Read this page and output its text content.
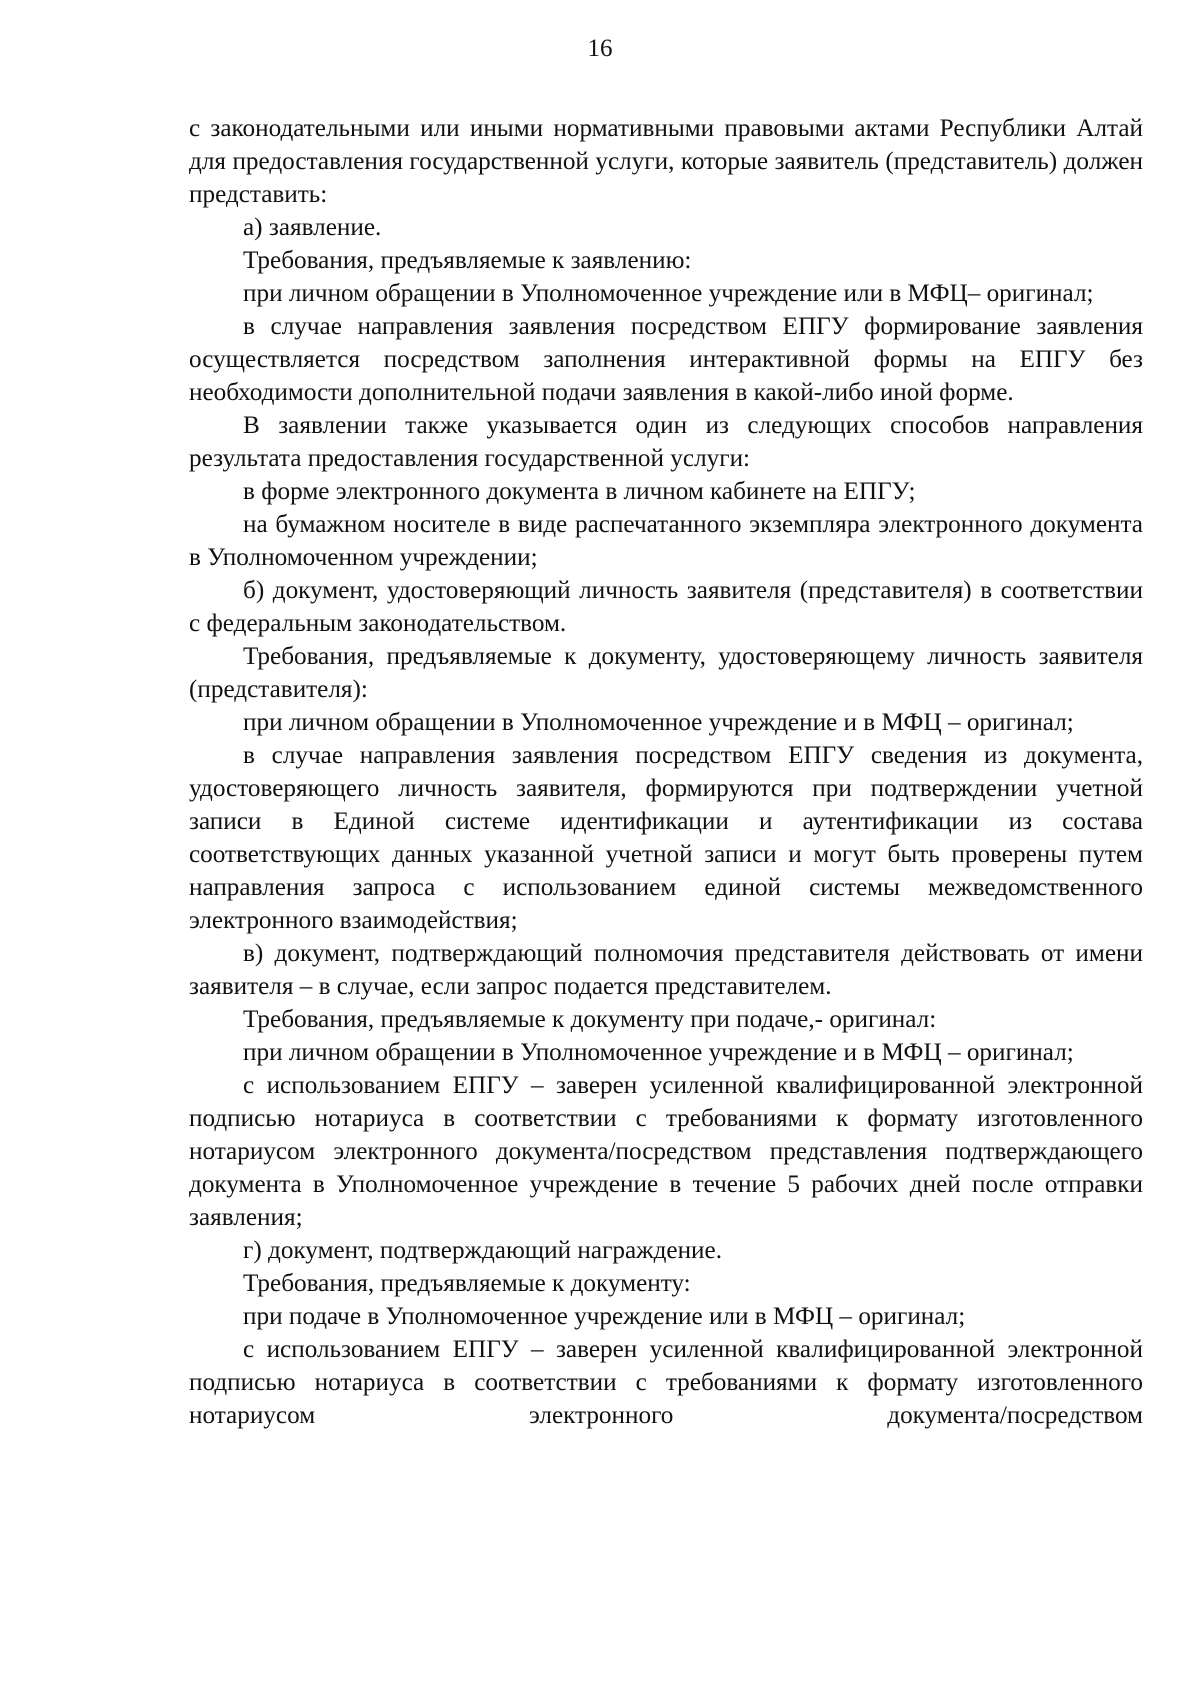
16

с законодательными или иными нормативными правовыми актами Республики Алтай для предоставления государственной услуги, которые заявитель (представитель) должен представить:

а) заявление.

Требования, предъявляемые к заявлению:

при личном обращении в Уполномоченное учреждение или в МФЦ– оригинал;

в случае направления заявления посредством ЕПГУ формирование заявления осуществляется посредством заполнения интерактивной формы на ЕПГУ без необходимости дополнительной подачи заявления в какой-либо иной форме.

В заявлении также указывается один из следующих способов направления результата предоставления государственной услуги:

в форме электронного документа в личном кабинете на ЕПГУ;

на бумажном носителе в виде распечатанного экземпляра электронного документа в Уполномоченном учреждении;

б) документ, удостоверяющий личность заявителя (представителя) в соответствии с федеральным законодательством.

Требования, предъявляемые к документу, удостоверяющему личность заявителя (представителя):

при личном обращении в Уполномоченное учреждение и в МФЦ – оригинал;

в случае направления заявления посредством ЕПГУ сведения из документа, удостоверяющего личность заявителя, формируются при подтверждении учетной записи в Единой системе идентификации и аутентификации из состава соответствующих данных указанной учетной записи и могут быть проверены путем направления запроса с использованием единой системы межведомственного электронного взаимодействия;

в) документ, подтверждающий полномочия представителя действовать от имени заявителя – в случае, если запрос подается представителем.

Требования, предъявляемые к документу при подаче,- оригинал:

при личном обращении в Уполномоченное учреждение и в МФЦ – оригинал;

с использованием ЕПГУ – заверен усиленной квалифицированной электронной подписью нотариуса в соответствии с требованиями к формату изготовленного нотариусом электронного документа/посредством представления подтверждающего документа в Уполномоченное учреждение в течение 5 рабочих дней после отправки заявления;

г) документ, подтверждающий награждение.

Требования, предъявляемые к документу:

при подаче в Уполномоченное учреждение или в МФЦ – оригинал;

с использованием ЕПГУ – заверен усиленной квалифицированной электронной подписью нотариуса в соответствии с требованиями к формату изготовленного нотариусом электронного документа/посредством
